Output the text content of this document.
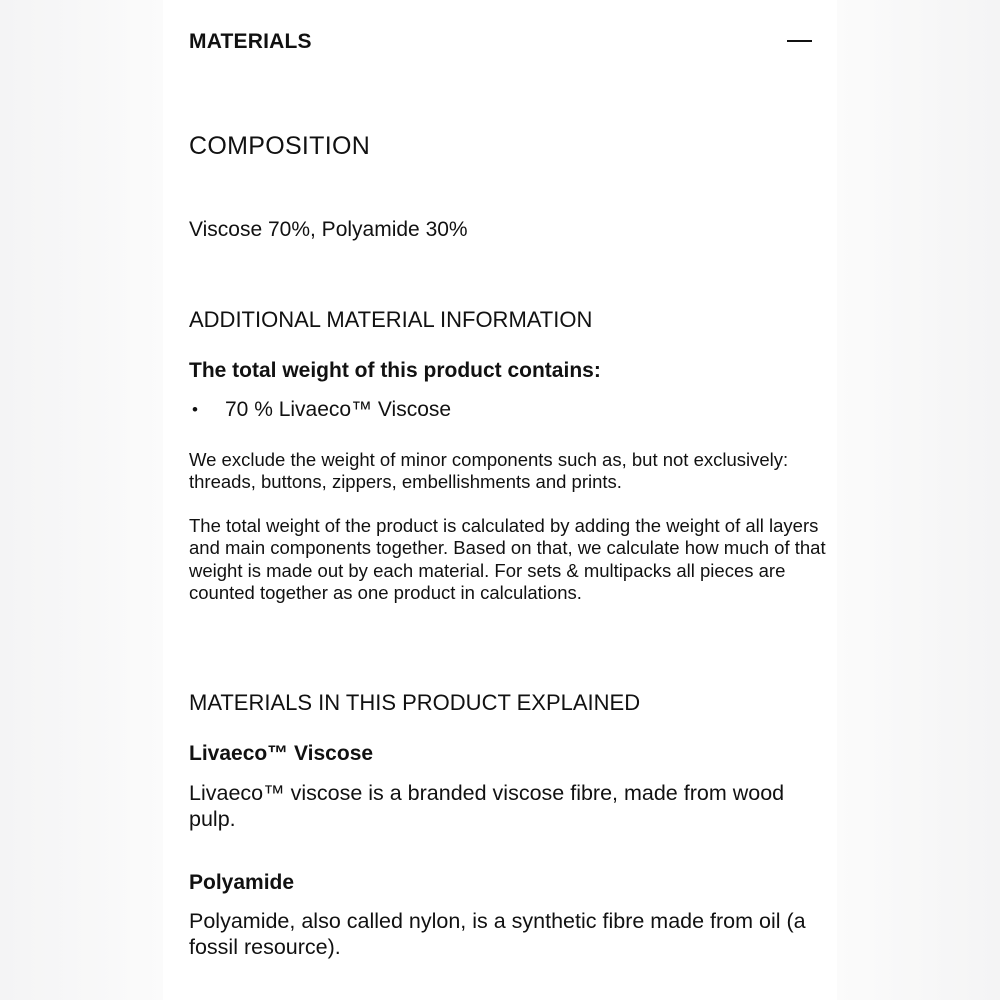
MATERIALS
COMPOSITION
Viscose 70%, Polyamide 30%
ADDITIONAL MATERIAL INFORMATION
The total weight of this product contains:
• 70 % Livaeco™ Viscose

We exclude the weight of minor components such as, but not exclusively: threads, buttons, zippers, embellishments and prints.

The total weight of the product is calculated by adding the weight of all layers and main components together. Based on that, we calculate how much of that weight is made out by each material. For sets & multipacks all pieces are counted together as one product in calculations.

MATERIALS IN THIS PRODUCT EXPLAINED
Livaeco™ Viscose

Livaeco™ viscose is a branded viscose fibre, made from wood pulp.

Polyamide

Polyamide, also called nylon, is a synthetic fibre made from oil (a fossil resource).
